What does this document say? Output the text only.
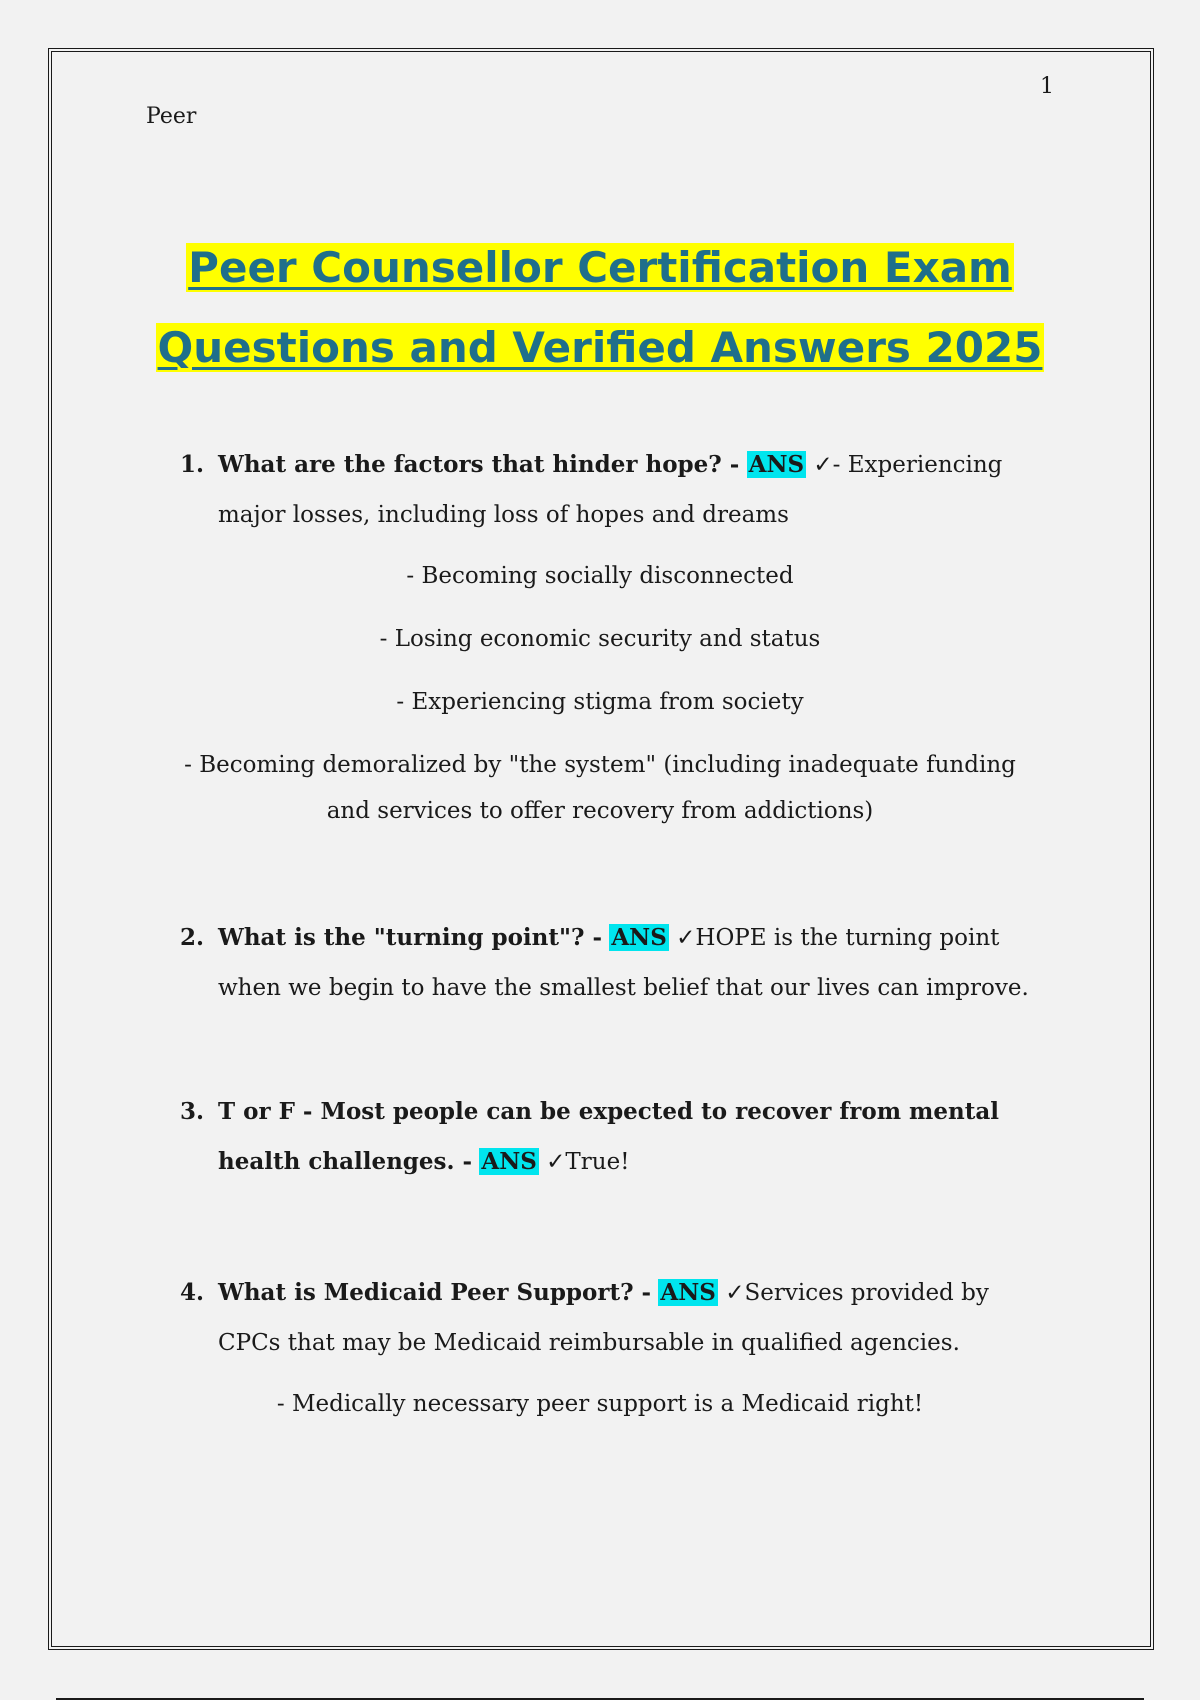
1
Peer
Peer Counsellor Certification Exam
Questions and Verified Answers 2025
1. What are the factors that hinder hope? - ANS ✓- Experiencing major losses, including loss of hopes and dreams
- Becoming socially disconnected
- Losing economic security and status
- Experiencing stigma from society
- Becoming demoralized by "the system" (including inadequate funding and services to offer recovery from addictions)
2. What is the "turning point"? - ANS ✓HOPE is the turning point when we begin to have the smallest belief that our lives can improve.
3. T or F - Most people can be expected to recover from mental health challenges. - ANS ✓True!
4. What is Medicaid Peer Support? - ANS ✓Services provided by CPCs that may be Medicaid reimbursable in qualified agencies.
- Medically necessary peer support is a Medicaid right!
